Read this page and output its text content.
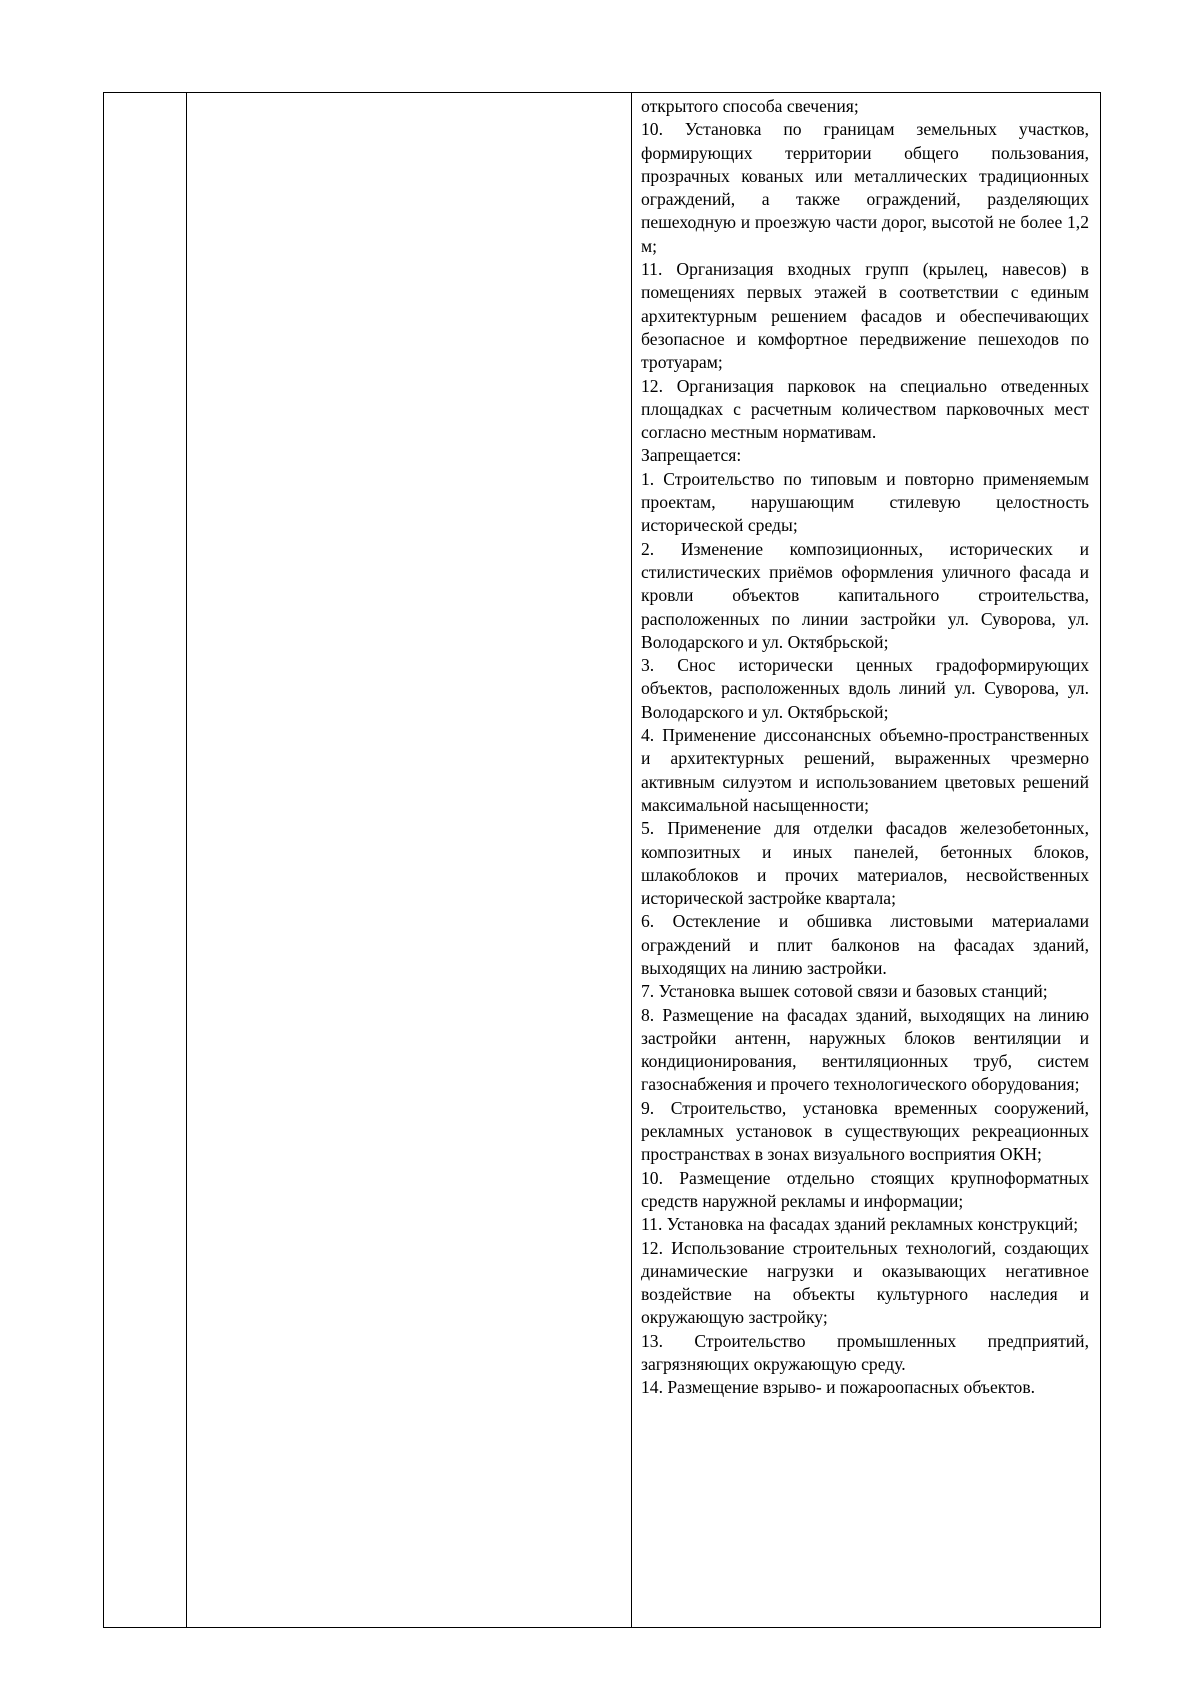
открытого способа свечения;

10. Установка по границам земельных участков, формирующих территории общего пользования, прозрачных кованых или металлических традиционных ограждений, а также ограждений, разделяющих пешеходную и проезжую части дорог, высотой не более 1,2 м;

11. Организация входных групп (крылец, навесов) в помещениях первых этажей в соответствии с единым архитектурным решением фасадов и обеспечивающих безопасное и комфортное передвижение пешеходов по тротуарам;

12. Организация парковок на специально отведенных площадках с расчетным количеством парковочных мест согласно местным нормативам.

Запрещается:

1. Строительство по типовым и повторно применяемым проектам, нарушающим стилевую целостность исторической среды;

2. Изменение композиционных, исторических и стилистических приёмов оформления уличного фасада и кровли объектов капитального строительства, расположенных по линии застройки ул. Суворова, ул. Володарского и ул. Октябрьской;

3. Снос исторически ценных градоформирующих объектов, расположенных вдоль линий ул. Суворова, ул. Володарского и ул. Октябрьской;

4. Применение диссонансных объемно-пространственных и архитектурных решений, выраженных чрезмерно активным силуэтом и использованием цветовых решений максимальной насыщенности;

5. Применение для отделки фасадов железобетонных, композитных и иных панелей, бетонных блоков, шлакоблоков и прочих материалов, несвойственных исторической застройке квартала;

6. Остекление и обшивка листовыми материалами ограждений и плит балконов на фасадах зданий, выходящих на линию застройки.

7. Установка вышек сотовой связи и базовых станций;

8. Размещение на фасадах зданий, выходящих на линию застройки антенн, наружных блоков вентиляции и кондиционирования, вентиляционных труб, систем газоснабжения и прочего технологического оборудования;

9. Строительство, установка временных сооружений, рекламных установок в существующих рекреационных пространствах в зонах визуального восприятия ОКН;

10. Размещение отдельно стоящих крупноформатных средств наружной рекламы и информации;

11. Установка на фасадах зданий рекламных конструкций;

12. Использование строительных технологий, создающих динамические нагрузки и оказывающих негативное воздействие на объекты культурного наследия и окружающую застройку;

13. Строительство промышленных предприятий, загрязняющих окружающую среду.

14. Размещение взрыво- и пожароопасных объектов.
